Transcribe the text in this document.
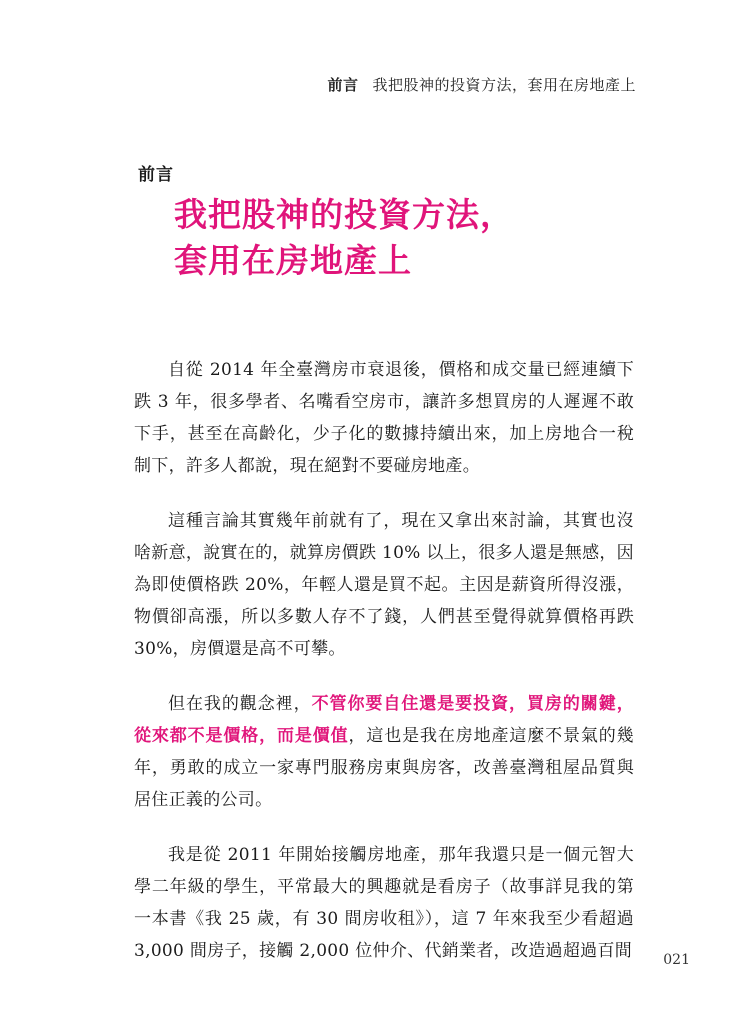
前言 我把股神的投資方法，套用在房地產上
前言
我把股神的投資方法，
套用在房地產上

自從 2014 年全臺灣房市衰退後，價格和成交量已經連續下跌 3 年，很多學者、名嘴看空房市，讓許多想買房的人遲遲不敢下手，甚至在高齡化，少子化的數據持續出來，加上房地合一稅制下，許多人都說，現在絕對不要碰房地產。

這種言論其實幾年前就有了，現在又拿出來討論，其實也沒啥新意，說實在的，就算房價跌 10% 以上，很多人還是無感，因為即使價格跌 20%，年輕人還是買不起。主因是薪資所得沒漲，物價卻高漲，所以多數人存不了錢，人們甚至覺得就算價格再跌 30%，房價還是高不可攀。

但在我的觀念裡，不管你要自住還是要投資，買房的關鍵，從來都不是價格，而是價值，這也是我在房地產這麼不景氣的幾年，勇敢的成立一家專門服務房東與房客，改善臺灣租屋品質與居住正義的公司。

我是從 2011 年開始接觸房地產，那年我還只是一個元智大學二年級的學生，平常最大的興趣就是看房子（故事詳見我的第一本書《我 25 歲，有 30 間房收租》），這 7 年來我至少看超過 3,000 間房子，接觸 2,000 位仲介、代銷業者，改造過超過百間 021
